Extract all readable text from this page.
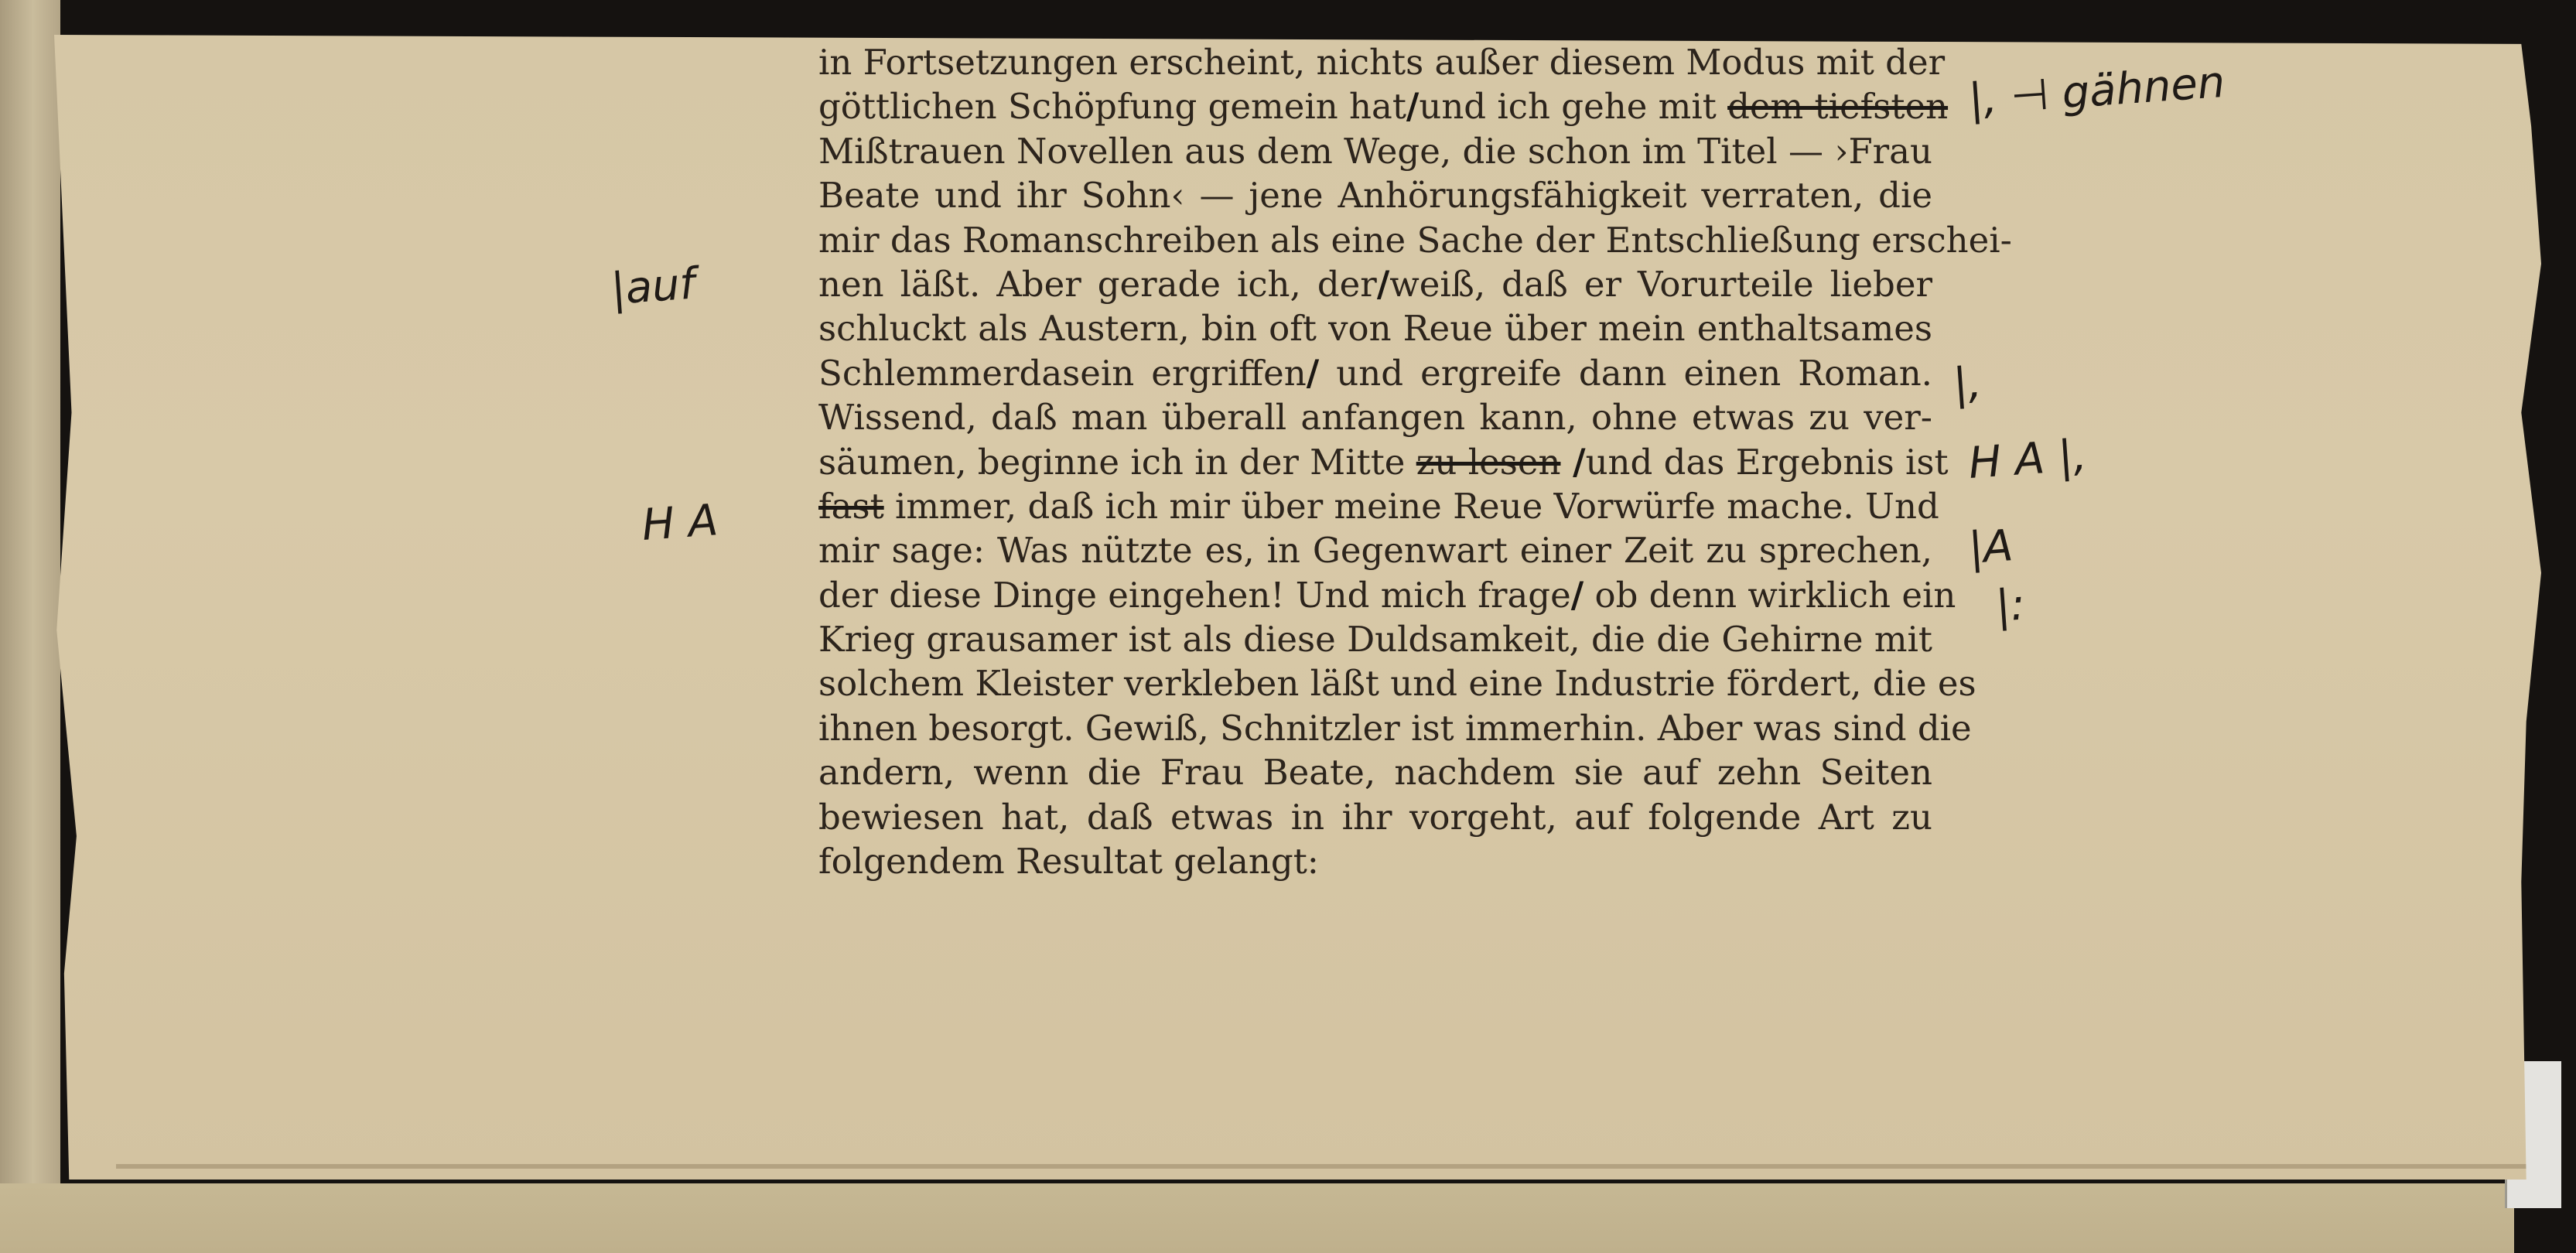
in Fortsetzungen erscheint, nichts außer diesem Modus mit der
göttlichen Schöpfung gemein hat/und ich gehe mit dem tiefsten
Mißtrauen Novellen aus dem Wege, die schon im Titel — ›Frau
Beate und ihr Sohn‹ — jene Anhörungsfähigkeit verraten, die
mir das Romanschreiben als eine Sache der Entschließung erschei-
nen läßt. Aber gerade ich, der/weiß, daß er Vorurteile lieber
schluckt als Austern, bin oft von Reue über mein enthaltsames
Schlemmerdasein ergriffen/ und ergreife dann einen Roman.
Wissend, daß man überall anfangen kann, ohne etwas zu ver-
säumen, beginne ich in der Mitte zu lesen /und das Ergebnis ist
fast immer, daß ich mir über meine Reue Vorwürfe mache. Und
mir sage: Was nützte es, in Gegenwart einer Zeit zu sprechen,
der diese Dinge eingehen! Und mich frage/ ob denn wirklich ein
Krieg grausamer ist als diese Duldsamkeit, die die Gehirne mit
solchem Kleister verkleben läßt und eine Industrie fördert, die es
ihnen besorgt. Gewiß, Schnitzler ist immerhin. Aber was sind die
andern, wenn die Frau Beate, nachdem sie auf zehn Seiten
bewiesen hat, daß etwas in ihr vorgeht, auf folgende Art zu
folgendem Resultat gelangt:
|, ⊣ gähnen
|auf
|,
H A
H A |,
|A
|:
